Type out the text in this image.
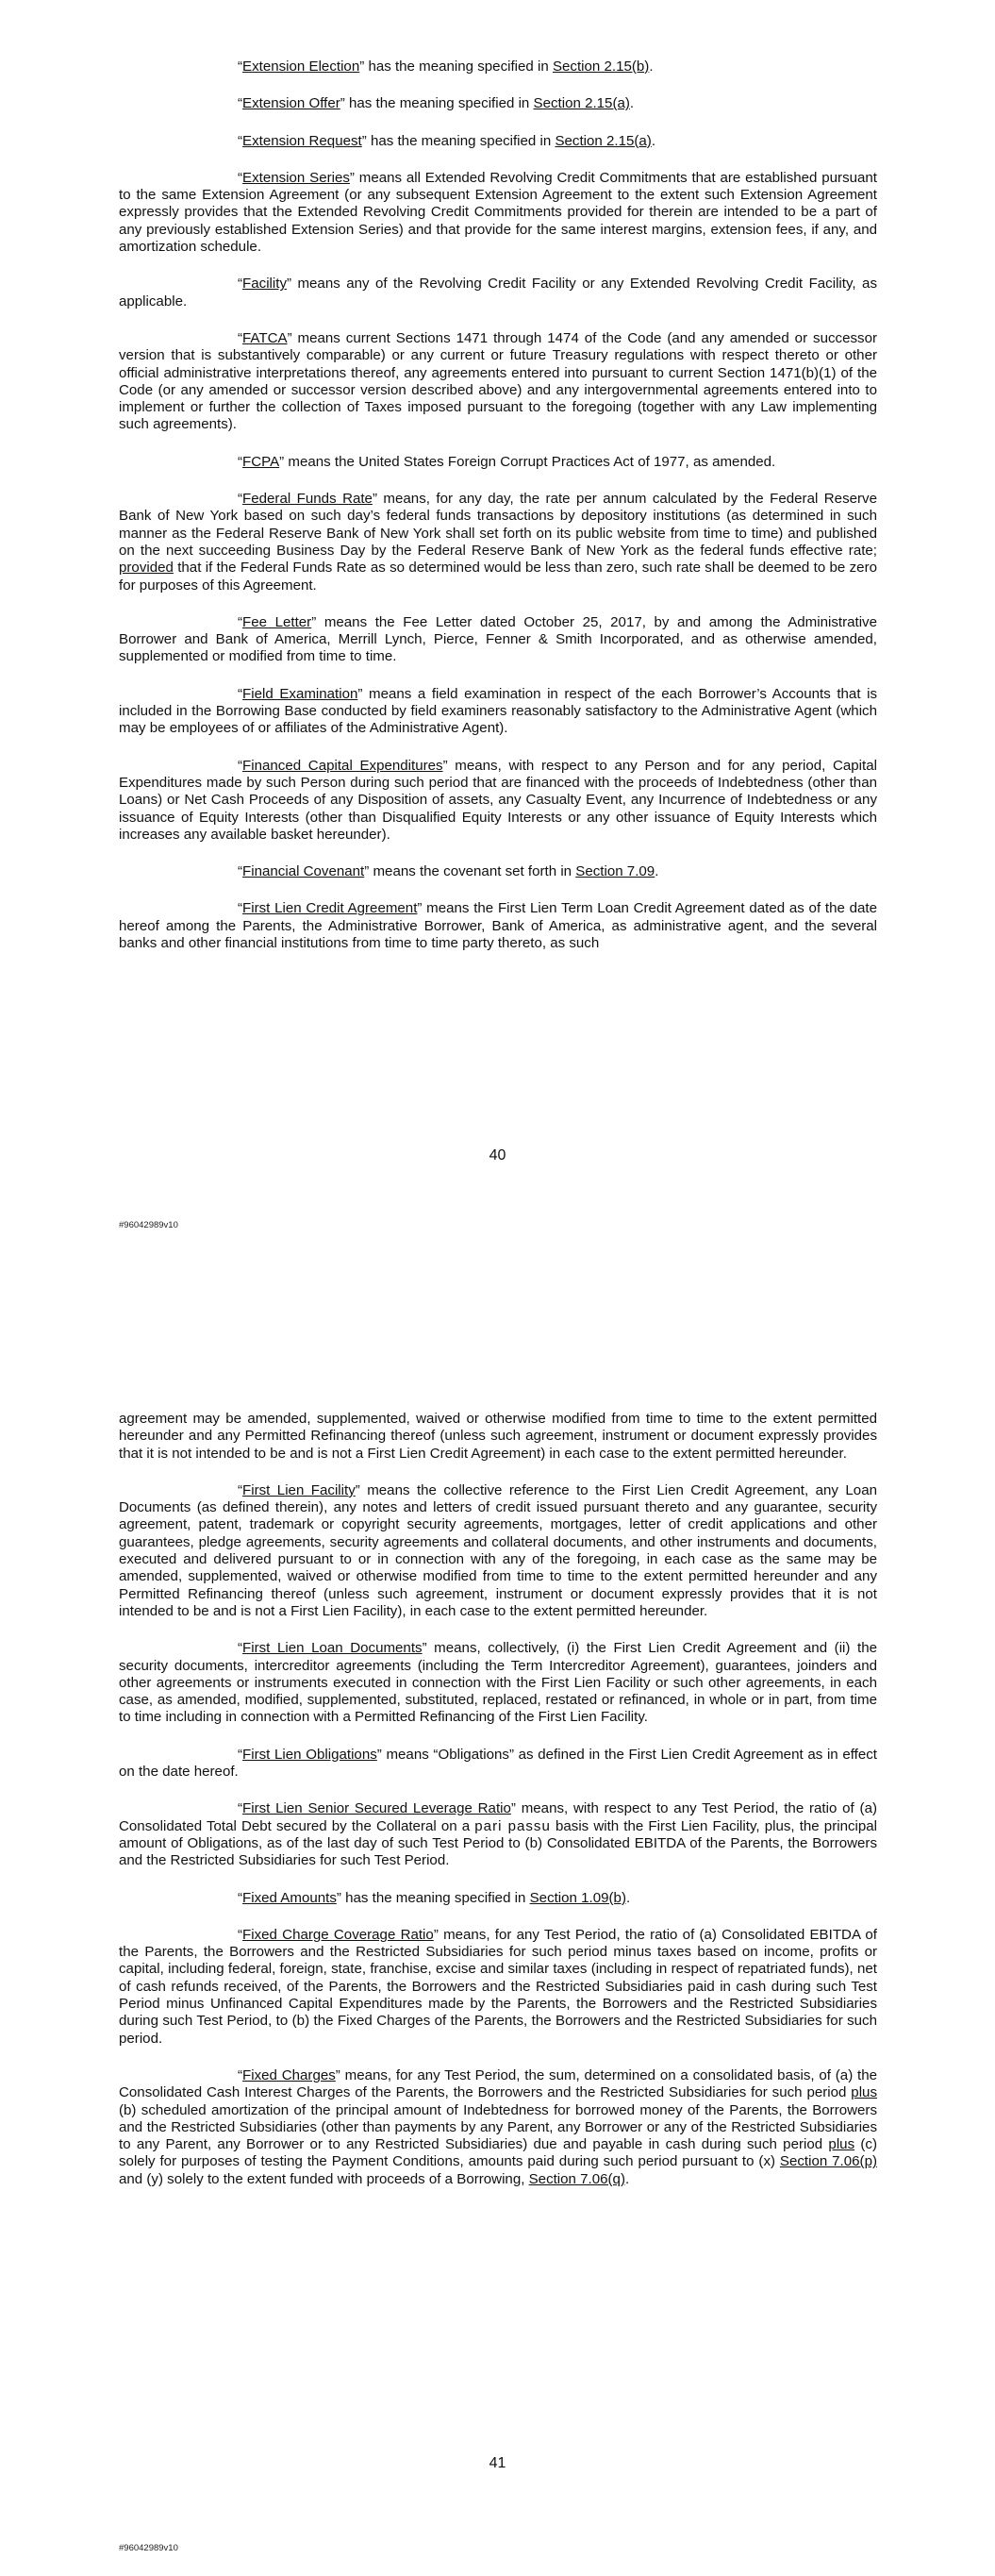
“Extension Election” has the meaning specified in Section 2.15(b).

“Extension Offer” has the meaning specified in Section 2.15(a).

“Extension Request” has the meaning specified in Section 2.15(a).

“Extension Series” means all Extended Revolving Credit Commitments that are established pursuant to the same Extension Agreement (or any subsequent Extension Agreement to the extent such Extension Agreement expressly provides that the Extended Revolving Credit Commitments provided for therein are intended to be a part of any previously established Extension Series) and that provide for the same interest margins, extension fees, if any, and amortization schedule.

“Facility” means any of the Revolving Credit Facility or any Extended Revolving Credit Facility, as applicable.

“FATCA” means current Sections 1471 through 1474 of the Code (and any amended or successor version that is substantively comparable) or any current or future Treasury regulations with respect thereto or other official administrative interpretations thereof, any agreements entered into pursuant to current Section 1471(b)(1) of the Code (or any amended or successor version described above) and any intergovernmental agreements entered into to implement or further the collection of Taxes imposed pursuant to the foregoing (together with any Law implementing such agreements).

“FCPA” means the United States Foreign Corrupt Practices Act of 1977, as amended.

“Federal Funds Rate” means, for any day, the rate per annum calculated by the Federal Reserve Bank of New York based on such day’s federal funds transactions by depository institutions (as determined in such manner as the Federal Reserve Bank of New York shall set forth on its public website from time to time) and published on the next succeeding Business Day by the Federal Reserve Bank of New York as the federal funds effective rate; provided that if the Federal Funds Rate as so determined would be less than zero, such rate shall be deemed to be zero for purposes of this Agreement.

“Fee Letter” means the Fee Letter dated October 25, 2017, by and among the Administrative Borrower and Bank of America, Merrill Lynch, Pierce, Fenner & Smith Incorporated, and as otherwise amended, supplemented or modified from time to time.

“Field Examination” means a field examination in respect of the each Borrower’s Accounts that is included in the Borrowing Base conducted by field examiners reasonably satisfactory to the Administrative Agent (which may be employees of or affiliates of the Administrative Agent).

“Financed Capital Expenditures” means, with respect to any Person and for any period, Capital Expenditures made by such Person during such period that are financed with the proceeds of Indebtedness (other than Loans) or Net Cash Proceeds of any Disposition of assets, any Casualty Event, any Incurrence of Indebtedness or any issuance of Equity Interests (other than Disqualified Equity Interests or any other issuance of Equity Interests which increases any available basket hereunder).

“Financial Covenant” means the covenant set forth in Section 7.09.

“First Lien Credit Agreement” means the First Lien Term Loan Credit Agreement dated as of the date hereof among the Parents, the Administrative Borrower, Bank of America, as administrative agent, and the several banks and other financial institutions from time to time party thereto, as such

40
#96042989v10

agreement may be amended, supplemented, waived or otherwise modified from time to time to the extent permitted hereunder and any Permitted Refinancing thereof (unless such agreement, instrument or document expressly provides that it is not intended to be and is not a First Lien Credit Agreement) in each case to the extent permitted hereunder.

“First Lien Facility” means the collective reference to the First Lien Credit Agreement, any Loan Documents (as defined therein), any notes and letters of credit issued pursuant thereto and any guarantee, security agreement, patent, trademark or copyright security agreements, mortgages, letter of credit applications and other guarantees, pledge agreements, security agreements and collateral documents, and other instruments and documents, executed and delivered pursuant to or in connection with any of the foregoing, in each case as the same may be amended, supplemented, waived or otherwise modified from time to time to the extent permitted hereunder and any Permitted Refinancing thereof (unless such agreement, instrument or document expressly provides that it is not intended to be and is not a First Lien Facility), in each case to the extent permitted hereunder.

“First Lien Loan Documents” means, collectively, (i) the First Lien Credit Agreement and (ii) the security documents, intercreditor agreements (including the Term Intercreditor Agreement), guarantees, joinders and other agreements or instruments executed in connection with the First Lien Facility or such other agreements, in each case, as amended, modified, supplemented, substituted, replaced, restated or refinanced, in whole or in part, from time to time including in connection with a Permitted Refinancing of the First Lien Facility.

“First Lien Obligations” means “Obligations” as defined in the First Lien Credit Agreement as in effect on the date hereof.

“First Lien Senior Secured Leverage Ratio” means, with respect to any Test Period, the ratio of (a) Consolidated Total Debt secured by the Collateral on a pari passu basis with the First Lien Facility, plus, the principal amount of Obligations, as of the last day of such Test Period to (b) Consolidated EBITDA of the Parents, the Borrowers and the Restricted Subsidiaries for such Test Period.

“Fixed Amounts” has the meaning specified in Section 1.09(b).

“Fixed Charge Coverage Ratio” means, for any Test Period, the ratio of (a) Consolidated EBITDA of the Parents, the Borrowers and the Restricted Subsidiaries for such period minus taxes based on income, profits or capital, including federal, foreign, state, franchise, excise and similar taxes (including in respect of repatriated funds), net of cash refunds received, of the Parents, the Borrowers and the Restricted Subsidiaries paid in cash during such Test Period minus Unfinanced Capital Expenditures made by the Parents, the Borrowers and the Restricted Subsidiaries during such Test Period, to (b) the Fixed Charges of the Parents, the Borrowers and the Restricted Subsidiaries for such period.

“Fixed Charges” means, for any Test Period, the sum, determined on a consolidated basis, of (a) the Consolidated Cash Interest Charges of the Parents, the Borrowers and the Restricted Subsidiaries for such period plus (b) scheduled amortization of the principal amount of Indebtedness for borrowed money of the Parents, the Borrowers and the Restricted Subsidiaries (other than payments by any Parent, any Borrower or any of the Restricted Subsidiaries to any Parent, any Borrower or to any Restricted Subsidiaries) due and payable in cash during such period plus (c) solely for purposes of testing the Payment Conditions, amounts paid during such period pursuant to (x) Section 7.06(p) and (y) solely to the extent funded with proceeds of a Borrowing, Section 7.06(q).

41
#96042989v10
